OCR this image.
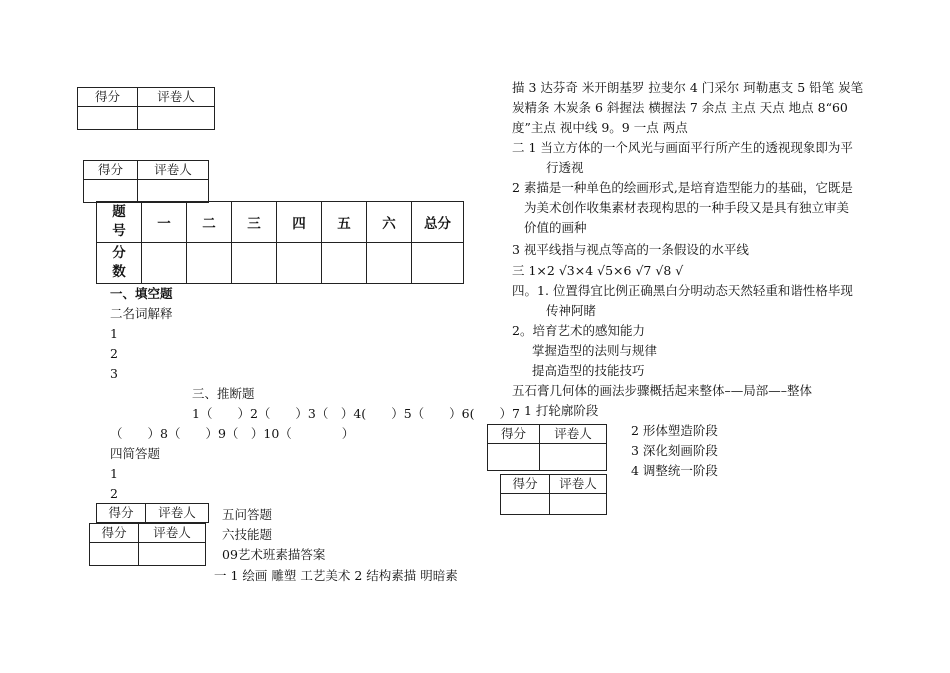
得分	评卷人

得分	评卷人

题号	一	二	三	四	五	六	总分
分数							
一、填空题
二名词解释
1
2
3
三、推断题
1（　　）2（　　）3（　）4(　　）5（　　）6(　　）7
（　　）8（　　）9（　）10（　　　　）
四简答题
1
2
得分	评卷人
得分	评卷人

五问答题
六技能题
09艺术班素描答案
一 1 绘画 雕塑 工艺美术 2 结构素描 明暗素
描 3 达芬奇 米开朗基罗 拉斐尔 4 门采尔 珂勒惠支 5 铅笔 炭笔
炭精条 木炭条 6 斜握法 横握法 7 余点 主点 天点 地点 8“60
度”主点 视中线 9。9 一点 两点
二 1 当立方体的一个风光与画面平行所产生的透视现象即为平
行透视
2 素描是一种单色的绘画形式,是培育造型能力的基础，它既是
为美术创作收集素材表现构思的一种手段又是具有独立审美
价值的画种
3 视平线指与视点等高的一条假设的水平线
三 1×2 √3×4 √5×6 √7 √8 √
四。1. 位置得宜比例正确黑白分明动态天然轻重和谐性格毕现
传神阿睹
2。培育艺术的感知能力
掌握造型的法则与规律
提高造型的技能技巧
五石膏几何体的画法步骤概括起来整体–—局部—–整体
1 打轮廓阶段
得分	评卷人

得分	评卷人

2 形体塑造阶段
3 深化刻画阶段
4 调整统一阶段
